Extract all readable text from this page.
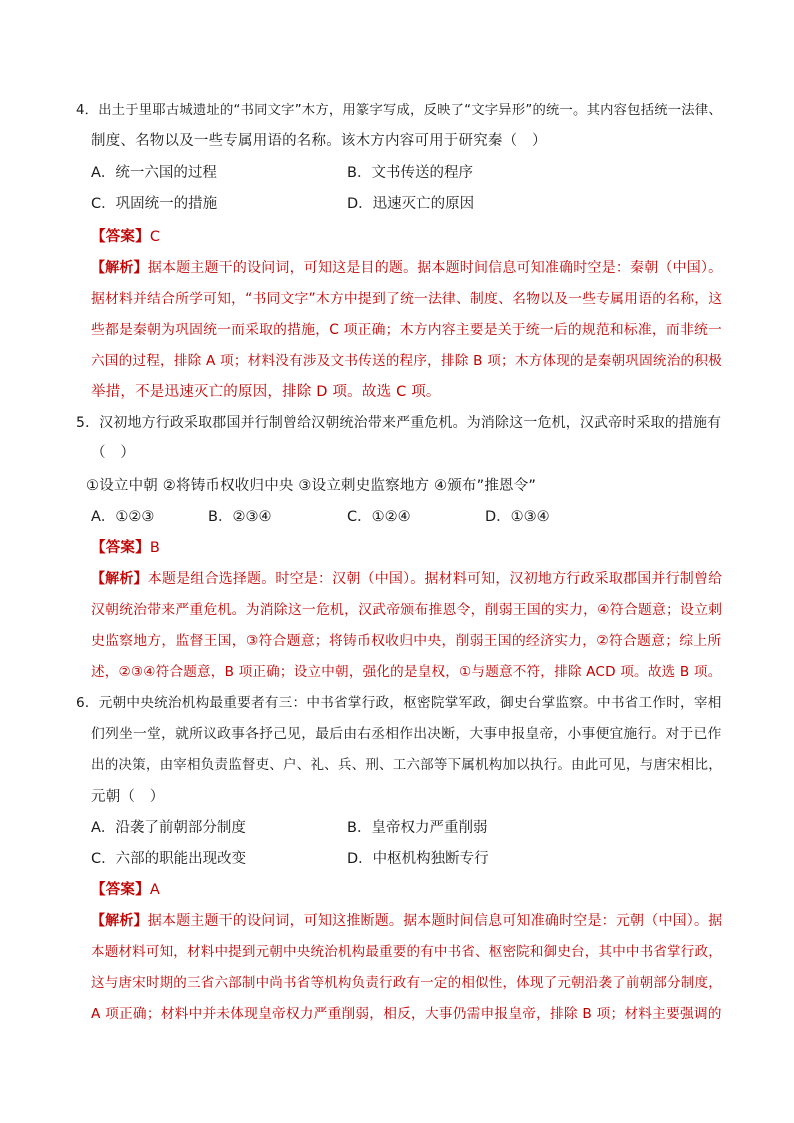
4．出土于里耶古城遗址的“书同文字”木方，用篆字写成，反映了“文字异形”的统一。其内容包括统一法律、
制度、名物以及一些专属用语的名称。该木方内容可用于研究秦（　）
A．统一六国的过程	B．文书传送的程序
C．巩固统一的措施	D．迅速灭亡的原因
【答案】C
【解析】据本题主题干的设问词，可知这是目的题。据本题时间信息可知准确时空是：秦朝（中国）。
据材料并结合所学可知，“书同文字”木方中提到了统一法律、制度、名物以及一些专属用语的名称，这
些都是秦朝为巩固统一而采取的措施，C 项正确；木方内容主要是关于统一后的规范和标准，而非统一
六国的过程，排除 A 项；材料没有涉及文书传送的程序，排除 B 项；木方体现的是秦朝巩固统治的积极
举措，不是迅速灭亡的原因，排除 D 项。故选 C 项。
5．汉初地方行政采取郡国并行制曾给汉朝统治带来严重危机。为消除这一危机，汉武帝时采取的措施有
（　）
①设立中朝 ②将铸币权收归中央 ③设立刺史监察地方 ④颁布”推恩令”
A．①②③	B．②③④	C．①②④	D．①③④
【答案】B
【解析】本题是组合选择题。时空是：汉朝（中国）。据材料可知，汉初地方行政采取郡国并行制曾给
汉朝统治带来严重危机。为消除这一危机，汉武帝颁布推恩令，削弱王国的实力，④符合题意；设立刺
史监察地方，监督王国，③符合题意；将铸币权收归中央，削弱王国的经济实力，②符合题意；综上所
述，②③④符合题意，B 项正确；设立中朝，强化的是皇权，①与题意不符，排除 ACD 项。故选 B 项。
6．元朝中央统治机构最重要者有三：中书省掌行政，枢密院掌军政，御史台掌监察。中书省工作时，宰相
们列坐一堂，就所议政事各抒己见，最后由右丞相作出决断，大事申报皇帝，小事便宜施行。对于已作
出的决策，由宰相负责监督吏、户、礼、兵、刑、工六部等下属机构加以执行。由此可见，与唐宋相比，
元朝（　）
A．沿袭了前朝部分制度	B．皇帝权力严重削弱
C．六部的职能出现改变	D．中枢机构独断专行
【答案】A
【解析】据本题主题干的设问词，可知这推断题。据本题时间信息可知准确时空是：元朝（中国）。据
本题材料可知，材料中提到元朝中央统治机构最重要的有中书省、枢密院和御史台，其中中书省掌行政，
这与唐宋时期的三省六部制中尚书省等机构负责行政有一定的相似性，体现了元朝沿袭了前朝部分制度，
A 项正确；材料中并未体现皇帝权力严重削弱，相反，大事仍需申报皇帝，排除 B 项；材料主要强调的
